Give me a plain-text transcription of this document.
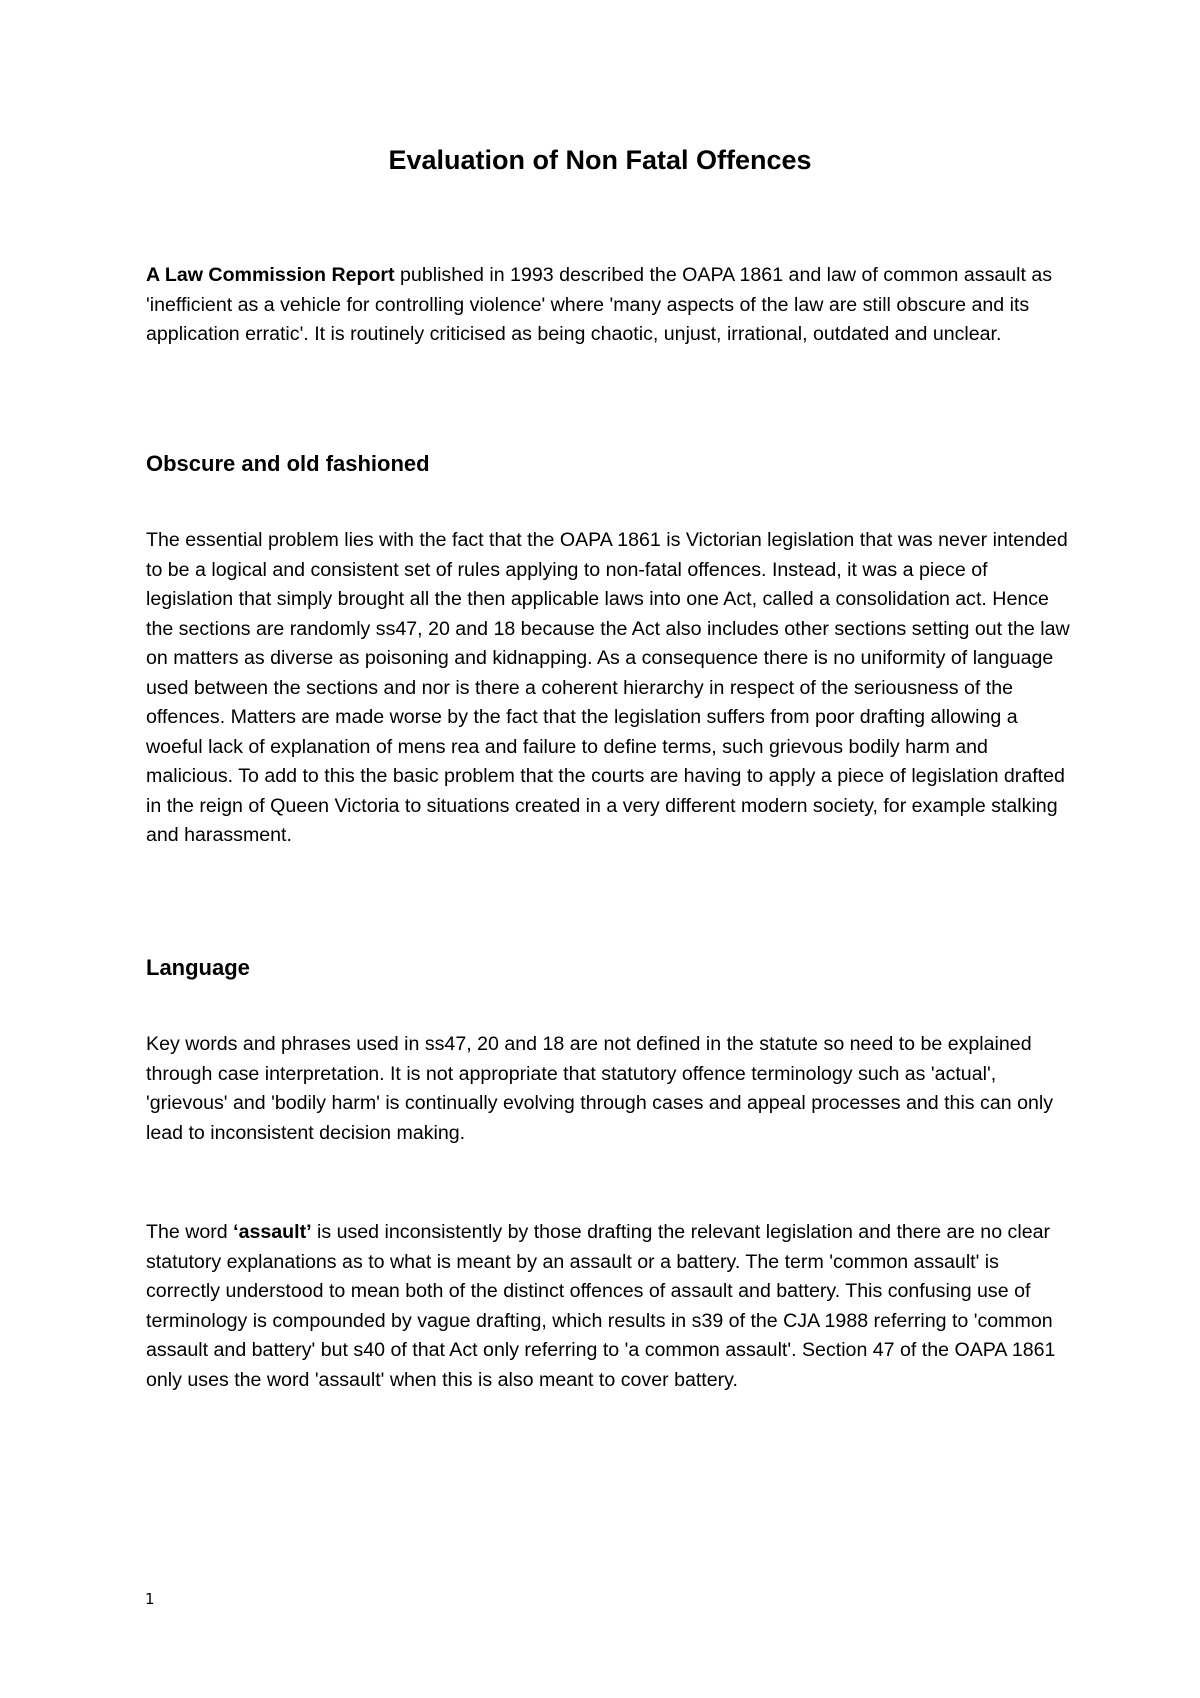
Evaluation of Non Fatal Offences

A Law Commission Report published in 1993 described the OAPA 1861 and law of common assault as 'inefficient as a vehicle for controlling violence' where 'many aspects of the law are still obscure and its application erratic'. It is routinely criticised as being chaotic, unjust, irrational, outdated and unclear.

Obscure and old fashioned

The essential problem lies with the fact that the OAPA 1861 is Victorian legislation that was never intended to be a logical and consistent set of rules applying to non-fatal offences. Instead, it was a piece of legislation that simply brought all the then applicable laws into one Act, called a consolidation act. Hence the sections are randomly ss47, 20 and 18 because the Act also includes other sections setting out the law on matters as diverse as poisoning and kidnapping. As a consequence there is no uniformity of language used between the sections and nor is there a coherent hierarchy in respect of the seriousness of the offences. Matters are made worse by the fact that the legislation suffers from poor drafting allowing a woeful lack of explanation of mens rea and failure to define terms, such grievous bodily harm and malicious. To add to this the basic problem that the courts are having to apply a piece of legislation drafted in the reign of Queen Victoria to situations created in a very different modern society, for example stalking and harassment.

Language

Key words and phrases used in ss47, 20 and 18 are not defined in the statute so need to be explained through case interpretation. It is not appropriate that statutory offence terminology such as 'actual', 'grievous' and 'bodily harm' is continually evolving through cases and appeal processes and this can only lead to inconsistent decision making.

The word ‘assault’ is used inconsistently by those drafting the relevant legislation and there are no clear statutory explanations as to what is meant by an assault or a battery. The term 'common assault' is correctly understood to mean both of the distinct offences of assault and battery. This confusing use of terminology is compounded by vague drafting, which results in s39 of the CJA 1988 referring to 'common assault and battery' but s40 of that Act only referring to 'a common assault'. Section 47 of the OAPA 1861 only uses the word 'assault' when this is also meant to cover battery.

1
